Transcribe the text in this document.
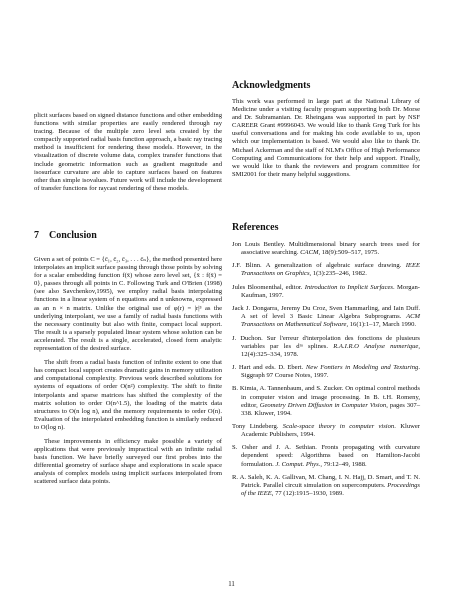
plicit surfaces based on signed distance functions and other embedding functions with similar properties are easily rendered through ray tracing. Because of the multiple zero level sets created by the compactly supported radial basis function approach, a basic ray tracing method is insufficient for rendering these models. However, in the visualization of discrete volume data, complex transfer functions that include geometric information such as gradient magnitude and isosurface curvature are able to capture surfaces based on features other than simple isovalues. Future work will include the development of transfer functions for raycast rendering of these models.

7 Conclusion

Given a set of points C = {c̄₁, c̄₂, c̄₃, . . . c̄ₙ}, the method presented here interpolates an implicit surface passing through those points by solving for a scalar embedding function f(x̄) whose zero level set, {x̄ : f(x̄) = 0}, passes through all points in C. Following Turk and O'Brien (1998) (see also Savchenkov,1995), we employ radial basis interpolating functions in a linear system of n equations and n unknowns, expressed as an n × n matrix. Unlike the original use of φ(r) = |r|³ as the underlying interpolant, we use a family of radial basis functions with the necessary continuity but also with finite, compact local support. The result is a sparsely populated linear system whose solution can be accelerated. The result is a single, accelerated, closed form analytic representation of the desired surface.

The shift from a radial basis function of infinite extent to one that has compact local support creates dramatic gains in memory utilization and computational complexity. Previous work described solutions for systems of equations of order O(n²) complexity. The shift to finite interpolants and sparse matrices has shifted the complexity of the matrix solution to order O(n^1.5), the loading of the matrix data structures to O(n log n), and the memory requirements to order O(n). Evaluation of the interpolated embedding function is similarly reduced to O(log n).

These improvements in efficiency make possible a variety of applications that were previously impractical with an infinite radial basis function. We have briefly surveyed our first probes into the differential geometry of surface shape and explorations in scale space analysis of complex models using implicit surfaces interpolated from scattered surface data points.

Acknowledgments

This work was performed in large part at the National Library of Medicine under a visiting faculty program supporting both Dr. Morse and Dr. Subramanian. Dr. Rheingans was supported in part by NSF CAREER Grant #9996043. We would like to thank Greg Turk for his useful conversations and for making his code available to us, upon which our implementation is based. We would also like to thank Dr. Michael Ackerman and the staff of NLM's Office of High Performance Computing and Communications for their help and support. Finally, we would like to thank the reviewers and program committee for SMI2001 for their many helpful suggestions.

References
Jon Louis Bentley. Multidimensional binary search trees used for associative searching. CACM, 18(9):509–517, 1975.
J.F. Blinn. A generalization of algebraic surface drawing. IEEE Transactions on Graphics, 1(3):235–246, 1982.
Jules Bloomenthal, editor. Introduction to Implicit Surfaces. Morgan-Kaufman, 1997.
Jack J. Dongarra, Jeremy Du Croz, Sven Hammarling, and Iain Duff. A set of level 3 Basic Linear Algebra Subprograms. ACM Transactions on Mathematical Software, 16(1):1–17, March 1990.
J. Duchon. Sur l'erreur d'interpolation des fonctions de plusieurs variables par les dᵐ splines. R.A.I.R.O Analyse numerique, 12(4):325–334, 1978.
J. Hart and eds. D. Ebert. New Fontiers in Modeling and Texturing. Siggraph 97 Course Notes, 1997.
B. Kimia, A. Tannenbaum, and S. Zucker. On optimal control methods in computer vision and image processing. In B. t.H. Romeny, editor, Geometry Driven Diffusion in Computer Vision, pages 307–338. Kluwer, 1994.
Tony Lindeberg. Scale-space theory in computer vision. Kluwer Academic Publishers, 1994.
S. Osher and J. A. Sethian. Fronts propagating with curvature dependent speed: Algorithms based on Hamilton-Jacobi formulation. J. Comput. Phys., 79:12–49, 1988.
R. A. Saleh, K. A. Gallivan, M. Chang, I. N. Hajj, D. Smart, and T. N. Patrick. Parallel circuit simulation on supercomputers. Proceedings of the IEEE, 77 (12):1915–1930, 1989.
11
